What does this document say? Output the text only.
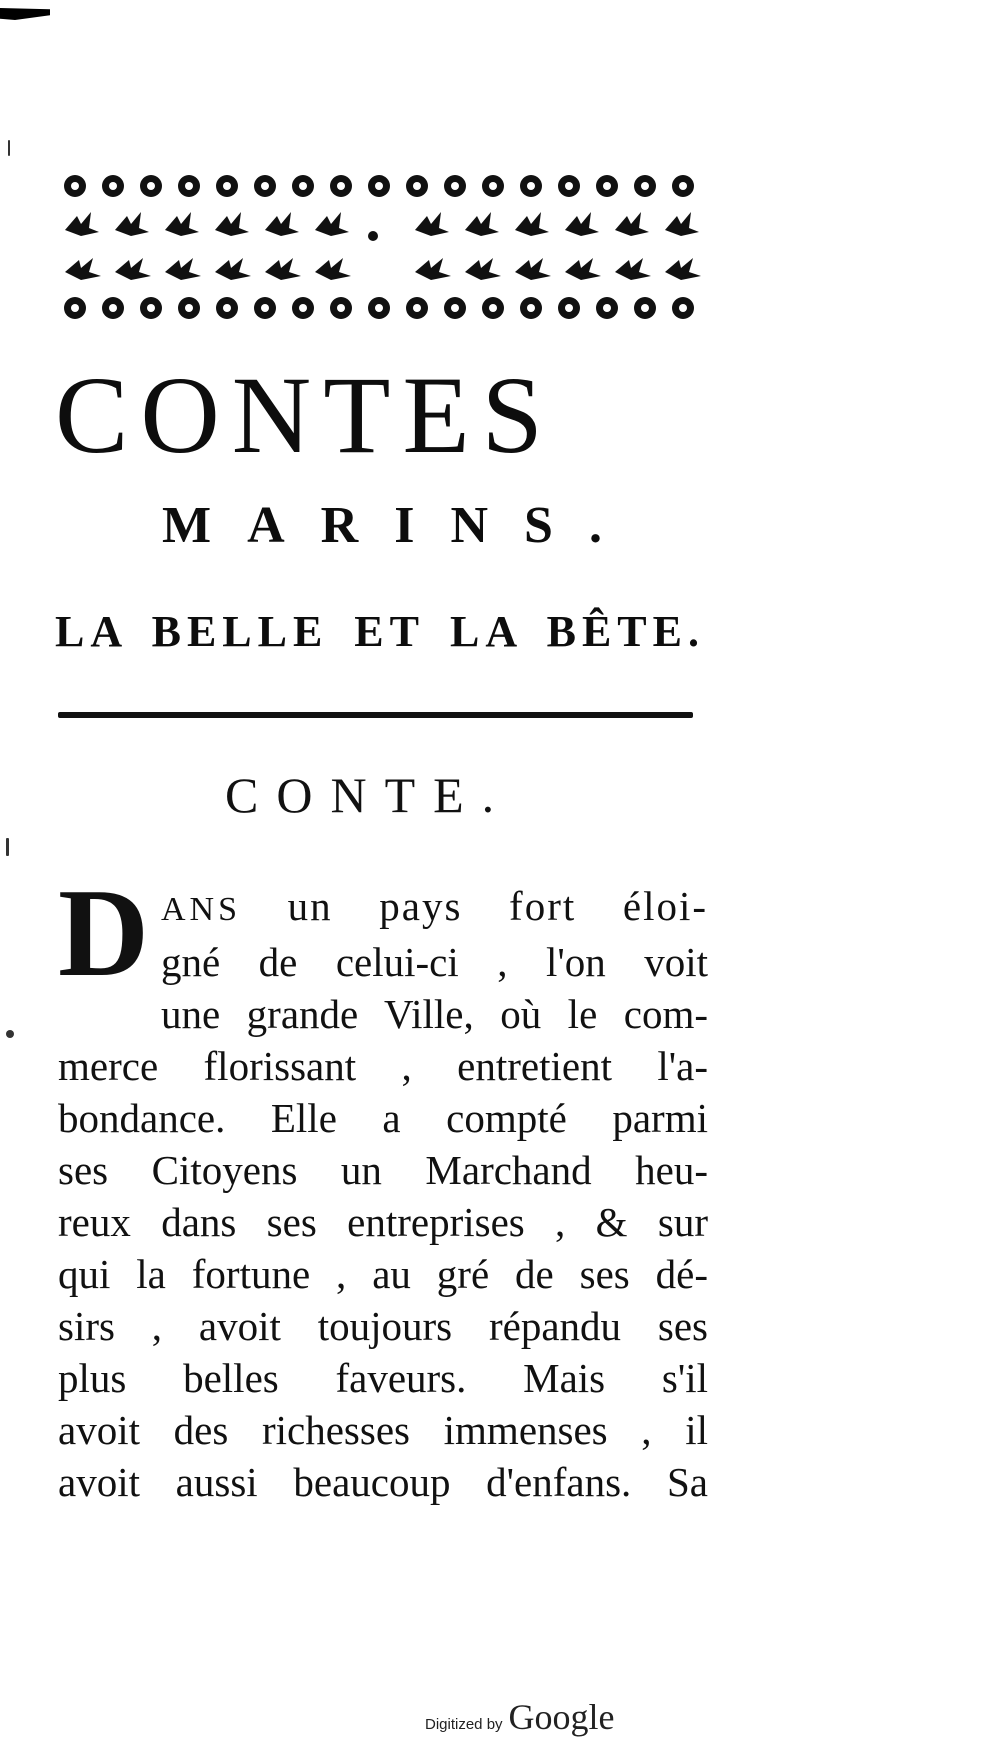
CONTES
MARINS.
LA BELLE ET LA BÊTE.
CONTE.
D ANS un pays fort éloi-
gné de celui-ci , l'on voit
une grande Ville, où le com-
merce florissant , entretient l'a-
bondance. Elle a compté parmi
ses Citoyens un Marchand heu-
reux dans ses entreprises , & sur
qui la fortune , au gré de ses dé-
sirs , avoit toujours répandu ses
plus belles faveurs. Mais s'il
avoit des richesses immenses , il
avoit aussi beaucoup d'enfans. Sa
Digitized by Google
